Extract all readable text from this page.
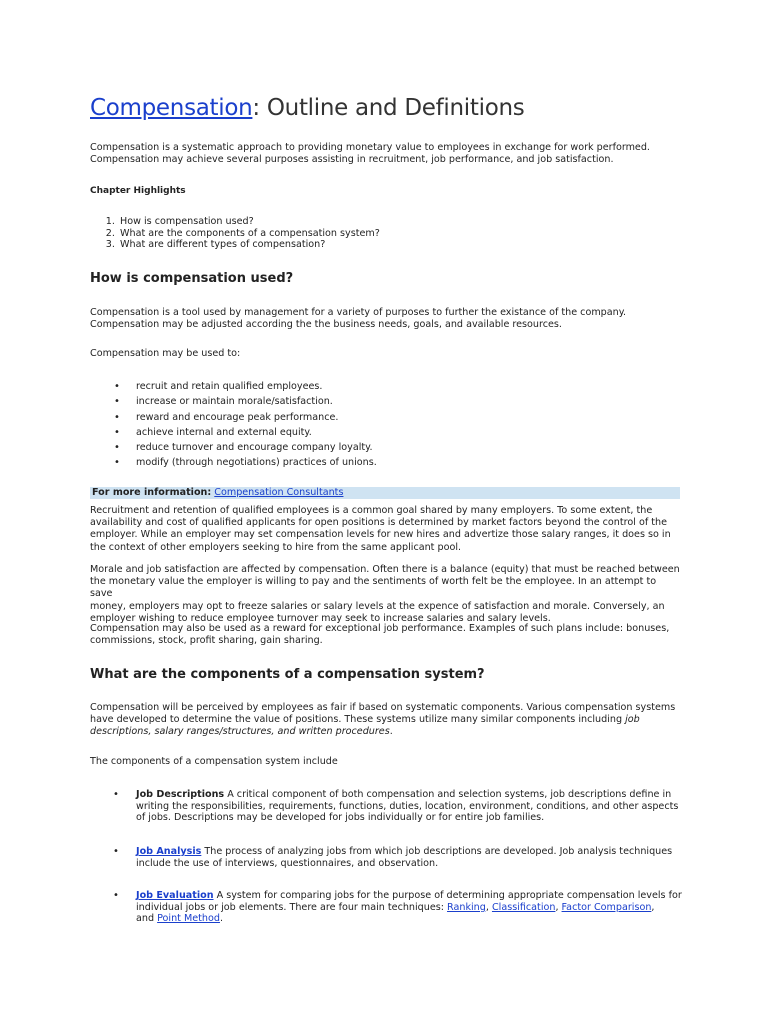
Compensation: Outline and Definitions
Compensation is a systematic approach to providing monetary value to employees in exchange for work performed.
Compensation may achieve several purposes assisting in recruitment, job performance, and job satisfaction.
Chapter Highlights
1. How is compensation used?
2. What are the components of a compensation system?
3. What are different types of compensation?
How is compensation used?
Compensation is a tool used by management for a variety of purposes to further the existance of the company.
Compensation may be adjusted according the the business needs, goals, and available resources.
Compensation may be used to:
• recruit and retain qualified employees.
• increase or maintain morale/satisfaction.
• reward and encourage peak performance.
• achieve internal and external equity.
• reduce turnover and encourage company loyalty.
• modify (through negotiations) practices of unions.
For more information: Compensation Consultants
Recruitment and retention of qualified employees is a common goal shared by many employers. To some extent, the
availability and cost of qualified applicants for open positions is determined by market factors beyond the control of the
employer. While an employer may set compensation levels for new hires and advertize those salary ranges, it does so in
the context of other employers seeking to hire from the same applicant pool.
Morale and job satisfaction are affected by compensation. Often there is a balance (equity) that must be reached between
the monetary value the employer is willing to pay and the sentiments of worth felt be the employee. In an attempt to save
money, employers may opt to freeze salaries or salary levels at the expence of satisfaction and morale. Conversely, an
employer wishing to reduce employee turnover may seek to increase salaries and salary levels.
Compensation may also be used as a reward for exceptional job performance. Examples of such plans include: bonuses,
commissions, stock, profit sharing, gain sharing.
What are the components of a compensation system?
Compensation will be perceived by employees as fair if based on systematic components. Various compensation systems
have developed to determine the value of positions. These systems utilize many similar components including job
descriptions, salary ranges/structures, and written procedures.
The components of a compensation system include
• Job Descriptions A critical component of both compensation and selection systems, job descriptions define in
writing the responsibilities, requirements, functions, duties, location, environment, conditions, and other aspects
of jobs. Descriptions may be developed for jobs individually or for entire job families.
• Job Analysis The process of analyzing jobs from which job descriptions are developed. Job analysis techniques
include the use of interviews, questionnaires, and observation.
• Job Evaluation A system for comparing jobs for the purpose of determining appropriate compensation levels for
individual jobs or job elements. There are four main techniques: Ranking, Classification, Factor Comparison,
and Point Method.
